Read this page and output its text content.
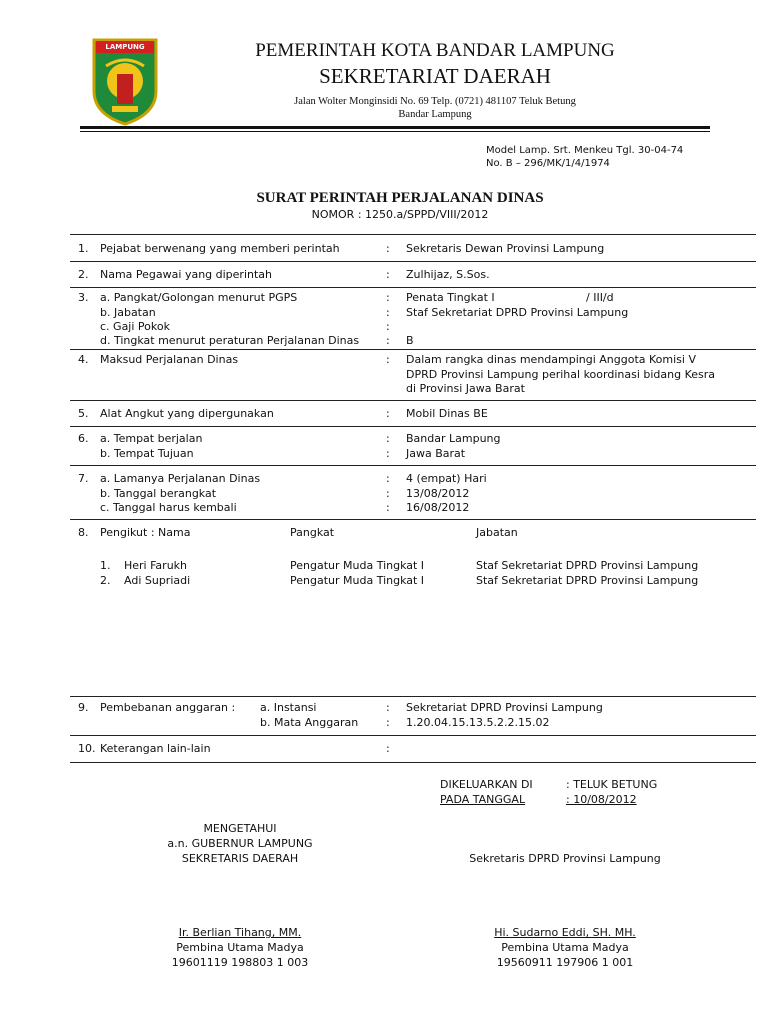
LAMPUNG	PEMERINTAH KOTA BANDAR LAMPUNG
SEKRETARIAT DAERAH
Jalan Wolter Monginsidi No. 69 Telp. (0721) 481107 Teluk Betung
Bandar Lampung
Model Lamp. Srt. Menkeu Tgl. 30-04-74
No. B – 296/MK/1/4/1974
SURAT PERINTAH PERJALANAN DINAS
NOMOR : 1250.a/SPPD/VIII/2012
1. Pejabat berwenang yang memberi perintah	: Sekretaris Dewan Provinsi Lampung
2. Nama Pegawai yang diperintah	: Zulhijaz, S.Sos.
3. a. Pangkat/Golongan menurut PGPS	: Penata Tingkat I	/ III/d
b. Jabatan	: Staf Sekretariat DPRD Provinsi Lampung
c. Gaji Pokok	:
d. Tingkat menurut peraturan Perjalanan Dinas : B
4. Maksud Perjalanan Dinas	: Dalam rangka dinas mendampingi Anggota Komisi V
DPRD Provinsi Lampung perihal koordinasi bidang Kesra
di Provinsi Jawa Barat
5. Alat Angkut yang dipergunakan	: Mobil Dinas BE
6. a. Tempat berjalan	: Bandar Lampung
b. Tempat Tujuan	: Jawa Barat
7. a. Lamanya Perjalanan Dinas	: 4 (empat) Hari
b. Tanggal berangkat	: 13/08/2012
c. Tanggal harus kembali	: 16/08/2012
8. Pengikut : Nama	Pangkat	Jabatan
1. Heri Farukh	Pengatur Muda Tingkat I	Staf Sekretariat DPRD Provinsi Lampung
2. Adi Supriadi	Pengatur Muda Tingkat I	Staf Sekretariat DPRD Provinsi Lampung
9. Pembebanan anggaran : a. Instansi	: Sekretariat DPRD Provinsi Lampung
b. Mata Anggaran	: 1.20.04.15.13.5.2.2.15.02
10. Keterangan lain-lain	:
DIKELUARKAN DI	: TELUK BETUNG
PADA TANGGAL	: 10/08/2012
MENGETAHUI
a.n. GUBERNUR LAMPUNG
SEKRETARIS DAERAH
Ir. Berlian Tihang, MM.
Pembina Utama Madya
19601119 198803 1 003
Sekretaris DPRD Provinsi Lampung
Hi. Sudarno Eddi, SH. MH.
Pembina Utama Madya
19560911 197906 1 001
